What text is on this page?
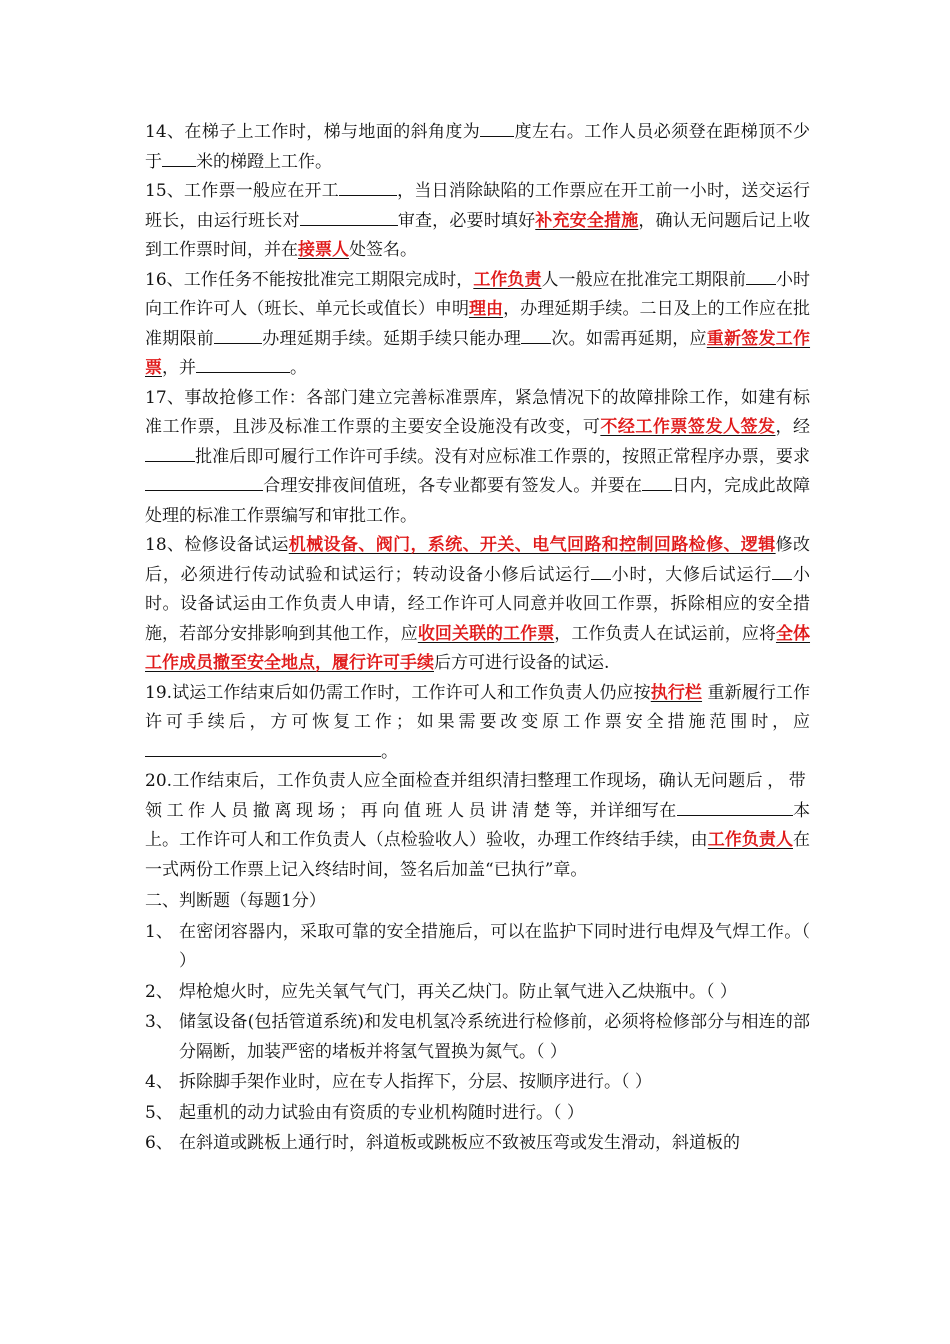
14、在梯子上工作时，梯与地面的斜角度为 度左右。工作人员必须登在距梯顶不少于 米的梯蹬上工作。

15、工作票一般应在开工	，当日消除缺陷的工作票应在开工前一小时，送交运行班长，由运行班长对	审查，必要时填好补充安全措施，确认无问题后记上收到工作票时间，并在接票人处签名。

16、工作任务不能按批准完工期限完成时，工作负责人一般应在批准完工期限前 小时向工作许可人（班长、单元长或值长）申明理由，办理延期手续。二日及上的工作应在批准期限前	办理延期手续。延期手续只能办理 次。如需再延期，应重新签发工作票，并	。

17、事故抢修工作：各部门建立完善标准票库，紧急情况下的故障排除工作，如建有标准工作票，且涉及标准工作票的主要安全设施没有改变，可不经工作票签发人签发，经批准后即可履行工作许可手续。没有对应标准工作票的，按照正常程序办票，要求合理安排夜间值班，各专业都要有签发人。并要在 日内，完成此故障处理的标准工作票编写和审批工作。

18、检修设备试运机械设备、阀门，系统、开关、电气回路和控制回路检修、逻辑修改后，必须进行传动试验和试运行；转动设备小修后试运行 小时，大修后试运行 小时。设备试运由工作负责人申请，经工作许可人同意并收回工作票，拆除相应的安全措施，若部分安排影响到其他工作，应收回关联的工作票，工作负责人在试运前，应将全体工作成员撤至安全地点，履行许可手续后方可进行设备的试运.

19.试运工作结束后如仍需工作时，工作许可人和工作负责人仍应按执行栏 重新履行工作许可手续后，方可恢复工作；如果需要改变原工作票安全措施范围时，应。

20.工作结束后，工作负责人应全面检查并组织清扫整理工作现场，确认无问题后，带领工作人员撤离现场；再向值班人员讲清楚等，并详细写在	本上。工作许可人和工作负责人（点检验收人）验收，办理工作终结手续，由工作负责人在一式两份工作票上记入终结时间，签名后加盖“已执行”章。

二、判断题（每题1分）

1、 在密闭容器内，采取可靠的安全措施后，可以在监护下同时进行电焊及气焊工作。（ ）
2、 焊枪熄火时，应先关氧气气门，再关乙炔门。防止氧气进入乙炔瓶中。（ ）
3、 储氢设备(包括管道系统)和发电机氢冷系统进行检修前，必须将检修部分与相连的部分隔断，加装严密的堵板并将氢气置换为氮气。（ ）
4、 拆除脚手架作业时，应在专人指挥下，分层、按顺序进行。（ ）
5、 起重机的动力试验由有资质的专业机构随时进行。（ ）
6、 在斜道或跳板上通行时，斜道板或跳板应不致被压弯或发生滑动，斜道板的
